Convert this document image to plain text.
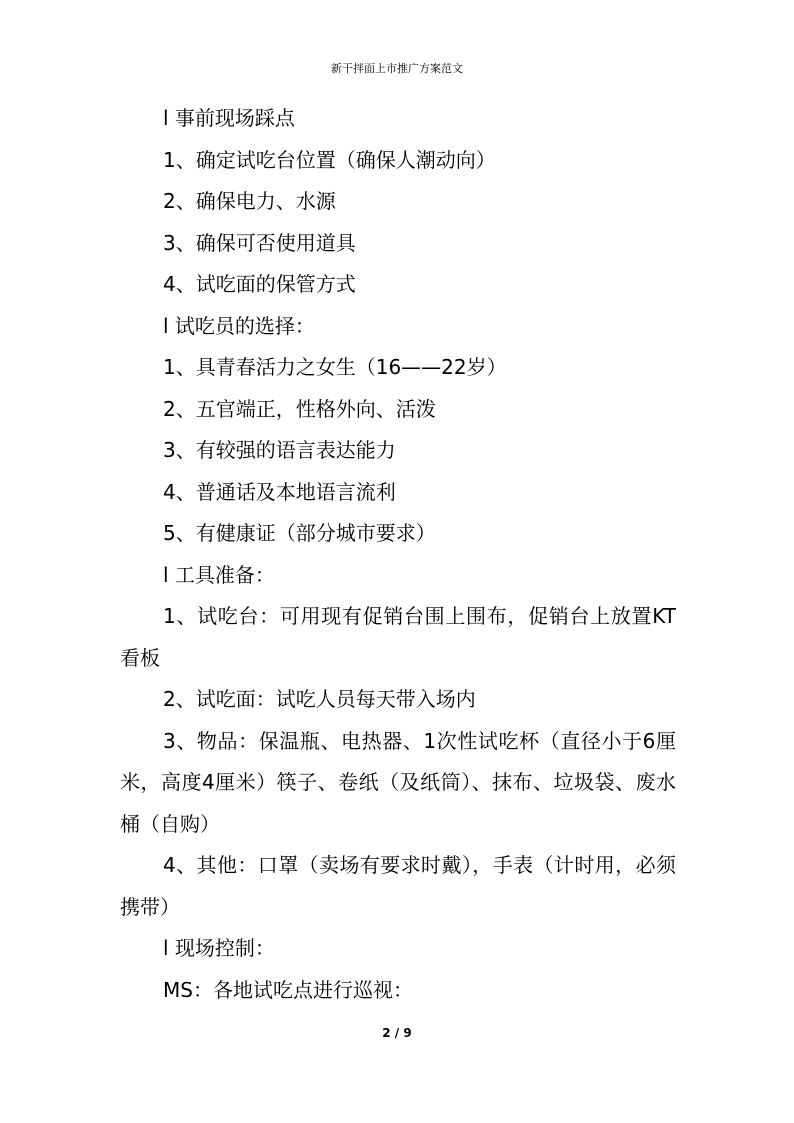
新干拌面上市推广方案范文

l 事前现场踩点

1、确定试吃台位置（确保人潮动向）

2、确保电力、水源

3、确保可否使用道具

4、试吃面的保管方式

l 试吃员的选择：

1、具青春活力之女生（16——22岁）

2、五官端正，性格外向、活泼

3、有较强的语言表达能力

4、普通话及本地语言流利

5、有健康证（部分城市要求）

l 工具准备：

1、试吃台：可用现有促销台围上围布，促销台上放置KT看板

2、试吃面：试吃人员每天带入场内

3、物品：保温瓶、电热器、1次性试吃杯（直径小于6厘米，高度4厘米）筷子、卷纸（及纸筒）、抹布、垃圾袋、废水桶（自购）

4、其他：口罩（卖场有要求时戴），手表（计时用，必须携带）

l 现场控制：

MS：各地试吃点进行巡视：

2 / 9
